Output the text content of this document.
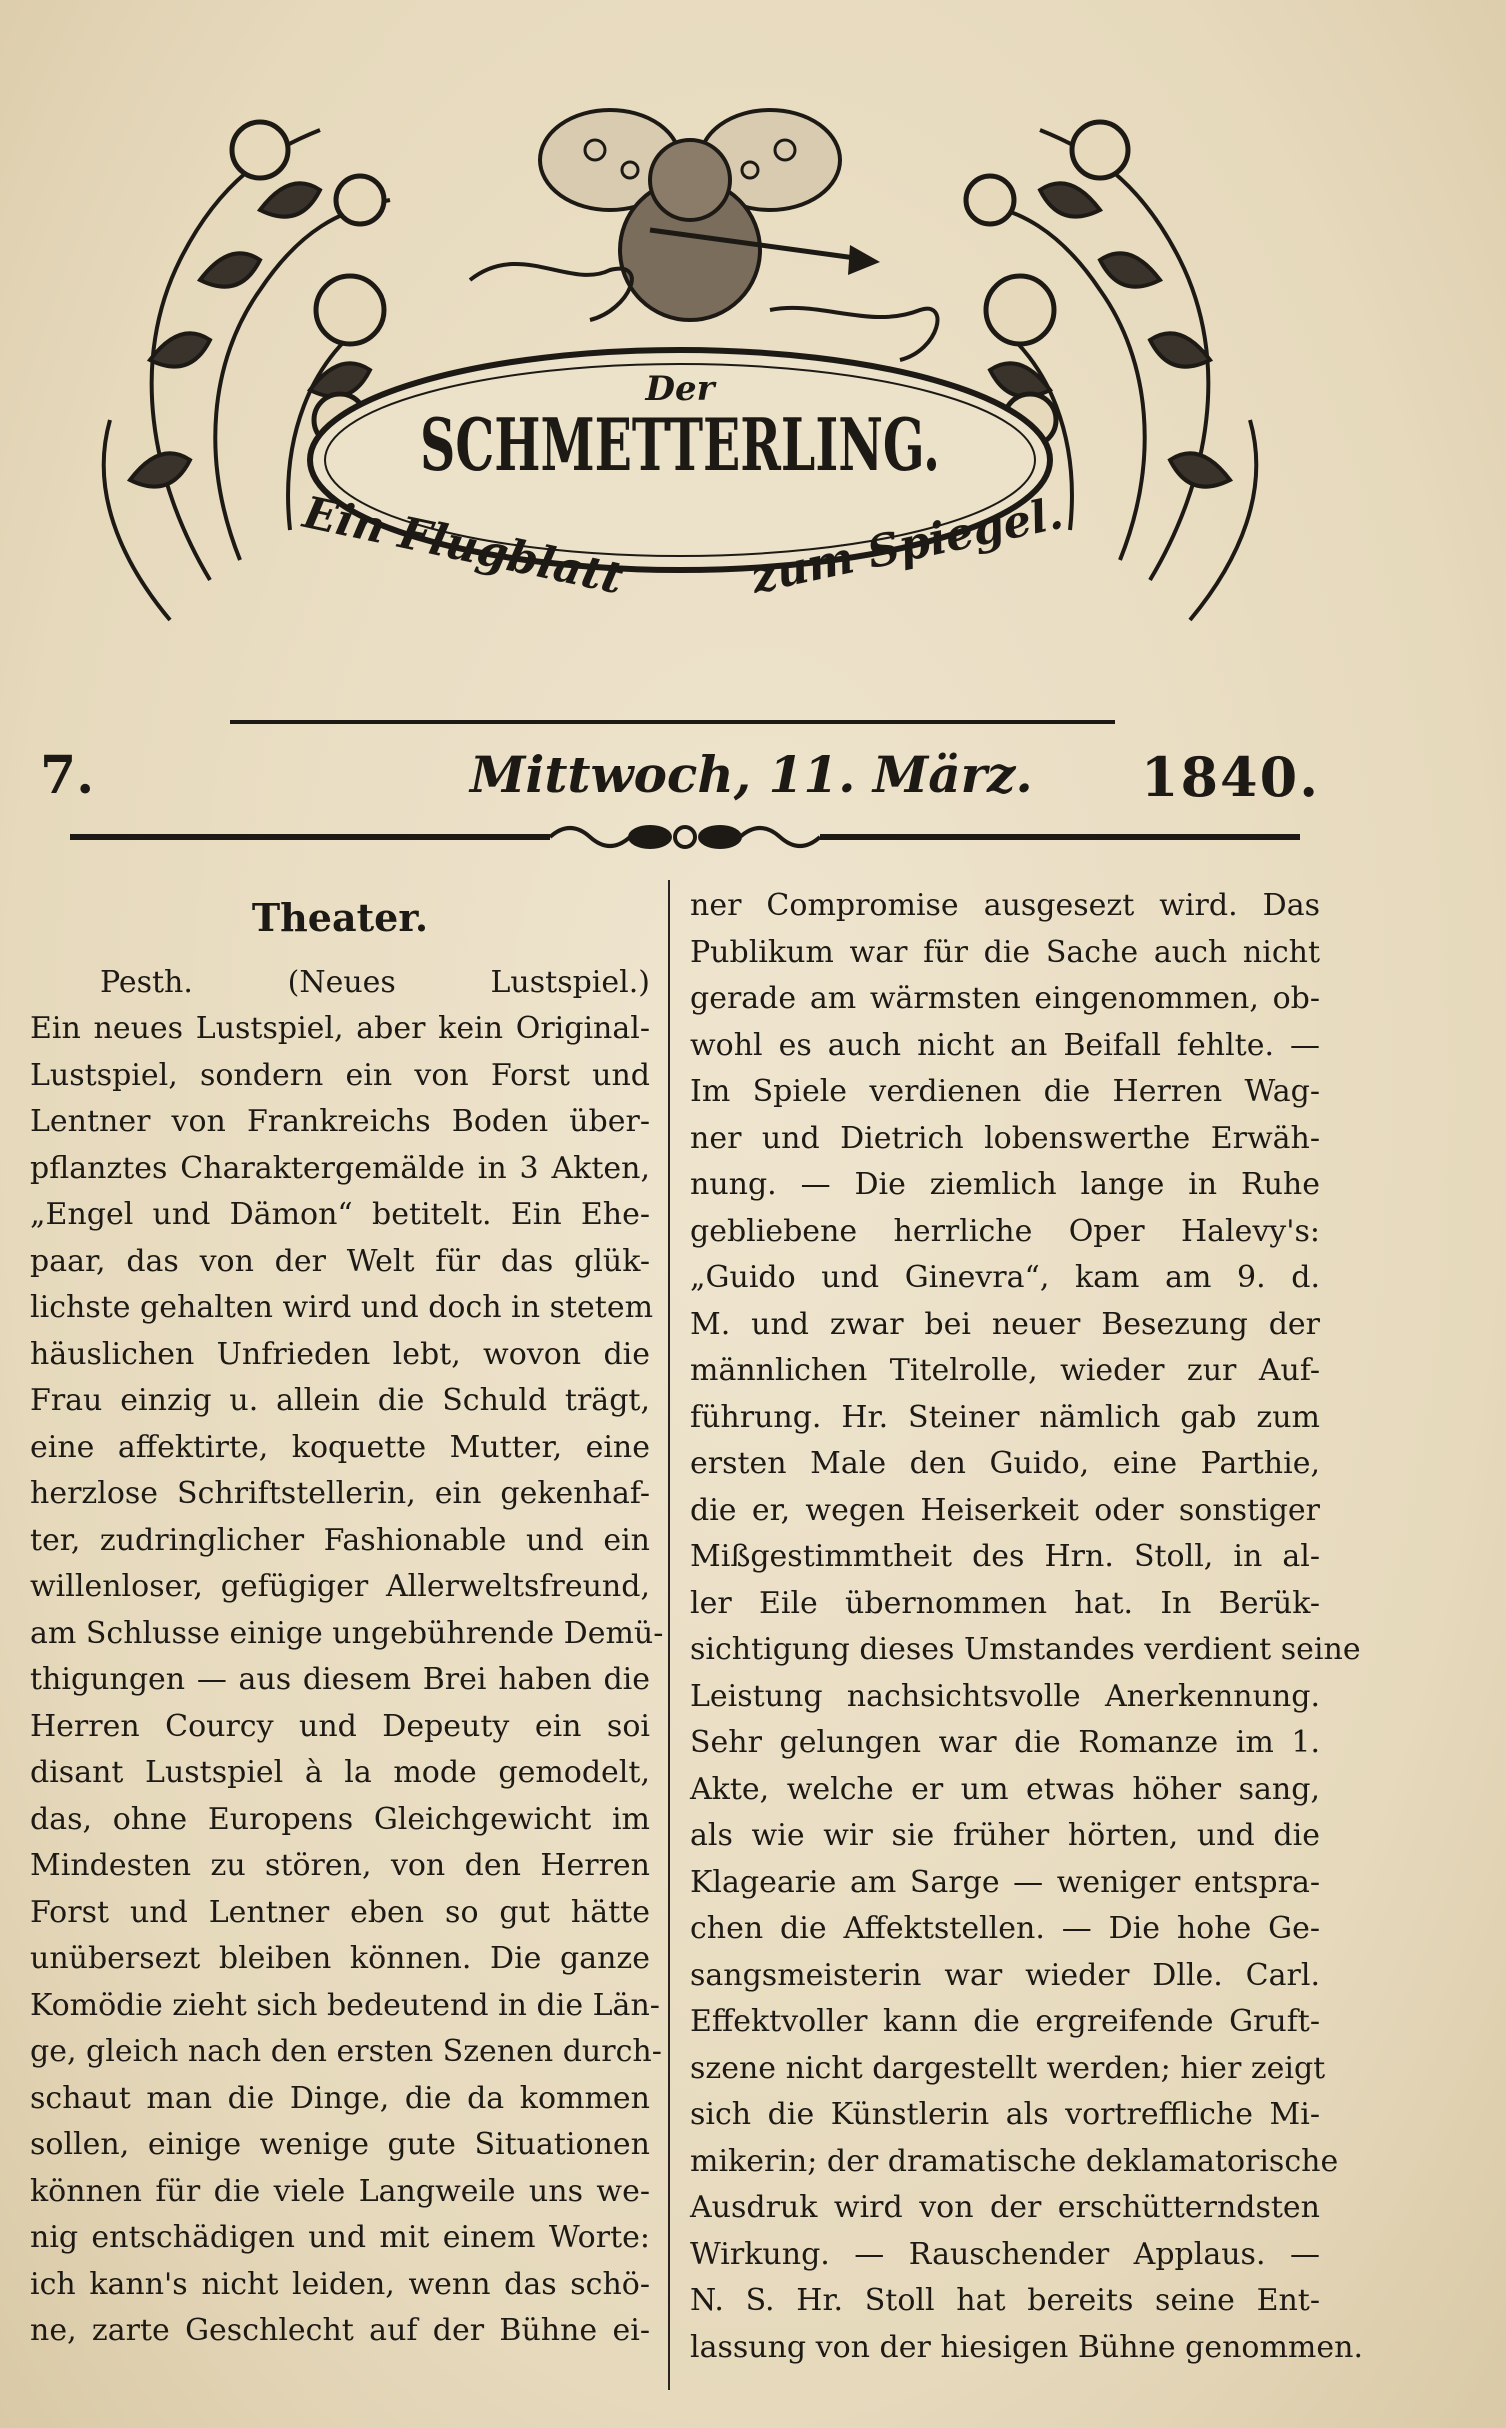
Der
SCHMETTERLING.
Ein Flugblatt	zum Spiegel.
7.	Mittwoch, 11. März. 1840.
Theater.
Pesth. (Neues Lustspiel.)
Ein neues Lustspiel, aber kein Original-
Lustspiel, sondern ein von Forst und
Lentner von Frankreichs Boden über-
pflanztes Charaktergemälde in 3 Akten,
„Engel und Dämon“ betitelt. Ein Ehe-
paar, das von der Welt für das glük-
lichste gehalten wird und doch in stetem
häuslichen Unfrieden lebt, wovon die
Frau einzig u. allein die Schuld trägt,
eine affektirte, koquette Mutter, eine
herzlose Schriftstellerin, ein gekenhaf-
ter, zudringlicher Fashionable und ein
willenloser, gefügiger Allerweltsfreund,
am Schlusse einige ungebührende Demü-
thigungen — aus diesem Brei haben die
Herren Courcy und Depeuty ein soi
disant Lustspiel à la mode gemodelt,
das, ohne Europens Gleichgewicht im
Mindesten zu stören, von den Herren
Forst und Lentner eben so gut hätte
unübersezt bleiben können. Die ganze
Komödie zieht sich bedeutend in die Län-
ge, gleich nach den ersten Szenen durch-
schaut man die Dinge, die da kommen
sollen, einige wenige gute Situationen
können für die viele Langweile uns we-
nig entschädigen und mit einem Worte:
ich kann's nicht leiden, wenn das schö-
ne, zarte Geschlecht auf der Bühne ei-
ner Compromise ausgesezt wird. Das
Publikum war für die Sache auch nicht
gerade am wärmsten eingenommen, ob-
wohl es auch nicht an Beifall fehlte. —
Im Spiele verdienen die Herren Wag-
ner und Dietrich lobenswerthe Erwäh-
nung. — Die ziemlich lange in Ruhe
gebliebene herrliche Oper Halevy's:
„Guido und Ginevra“, kam am 9. d.
M. und zwar bei neuer Besezung der
männlichen Titelrolle, wieder zur Auf-
führung. Hr. Steiner nämlich gab zum
ersten Male den Guido, eine Parthie,
die er, wegen Heiserkeit oder sonstiger
Mißgestimmtheit des Hrn. Stoll, in al-
ler Eile übernommen hat. In Berük-
sichtigung dieses Umstandes verdient seine
Leistung nachsichtsvolle Anerkennung.
Sehr gelungen war die Romanze im 1.
Akte, welche er um etwas höher sang,
als wie wir sie früher hörten, und die
Klagearie am Sarge — weniger entspra-
chen die Affektstellen. — Die hohe Ge-
sangsmeisterin war wieder Dlle. Carl.
Effektvoller kann die ergreifende Gruft-
szene nicht dargestellt werden; hier zeigt
sich die Künstlerin als vortreffliche Mi-
mikerin; der dramatische deklamatorische
Ausdruk wird von der erschütterndsten
Wirkung. — Rauschender Applaus. —
N. S. Hr. Stoll hat bereits seine Ent-
lassung von der hiesigen Bühne genommen.
